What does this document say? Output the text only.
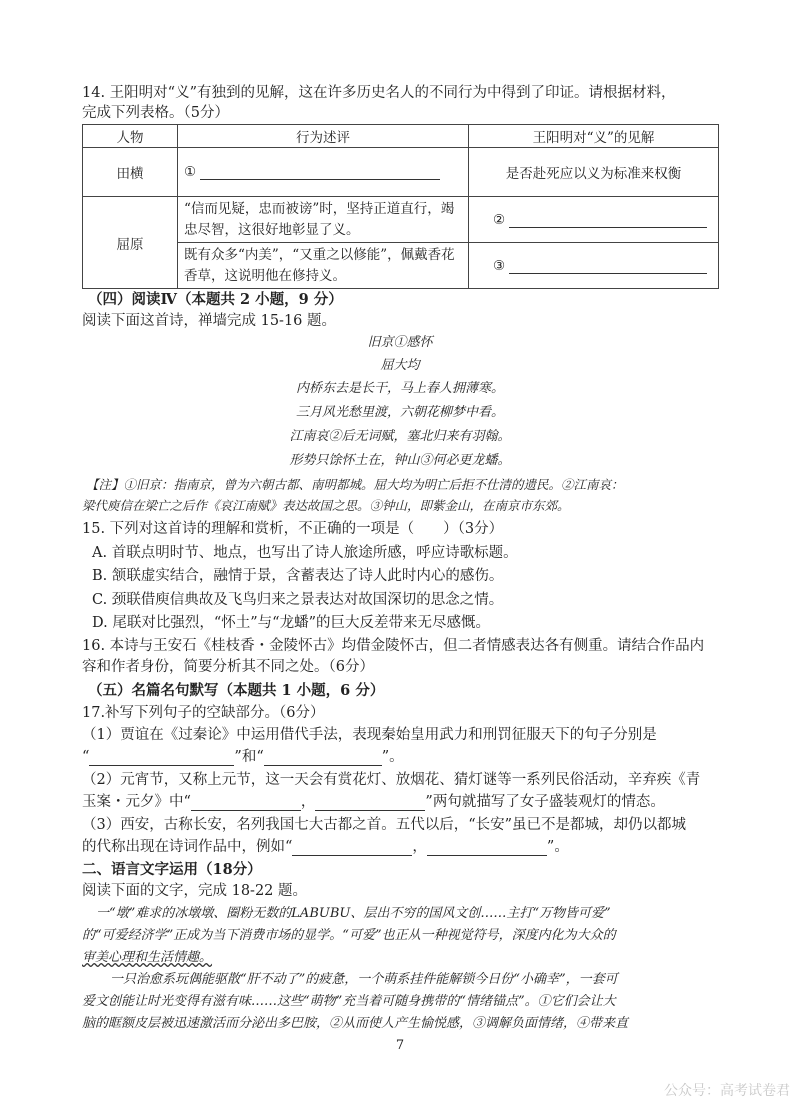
14. 王阳明对“义”有独到的见解，这在许多历史名人的不同行为中得到了印证。请根据材料，
完成下列表格。（5分）
人物	行为述评	王阳明对“义”的见解
田横	①	是否赴死应以义为标准来权衡
屈原	“信而见疑，忠而被谤”时，坚持正道直行，竭忠尽智，这很好地彰显了义。	②
	既有众多“内美”，“又重之以修能”，佩戴香花香草，这说明他在修持义。	③
（四）阅读Ⅳ（本题共 2 小题，9 分）
阅读下面这首诗，禅墙完成 15-16 题。
旧京①感怀
屈大均
内桥东去是长干，马上春人拥薄寒。
三月风光愁里渡，六朝花柳梦中看。
江南哀②后无词赋，塞北归来有羽翰。
形势只馀怀土在，钟山③何必更龙蟠。
【注】①旧京：指南京，曾为六朝古都、南明都城。屈大均为明亡后拒不仕清的遗民。②江南哀：
梁代庾信在梁亡之后作《哀江南赋》表达故国之思。③钟山，即紫金山，在南京市东郊。
15. 下列对这首诗的理解和赏析，不正确的一项是（　　）（3分）
A. 首联点明时节、地点，也写出了诗人旅途所感，呼应诗歌标题。
B. 颔联虚实结合，融情于景，含蓄表达了诗人此时内心的感伤。
C. 颈联借庾信典故及飞鸟归来之景表达对故国深切的思念之情。
D. 尾联对比强烈，“怀土”与“龙蟠”的巨大反差带来无尽感慨。
16. 本诗与王安石《桂枝香・金陵怀古》均借金陵怀古，但二者情感表达各有侧重。请结合作品内
容和作者身份，简要分析其不同之处。（6分）
（五）名篇名句默写（本题共 1 小题，6 分）
17.补写下列句子的空缺部分。（6分）
（1）贾谊在《过秦论》中运用借代手法，表现秦始皇用武力和刑罚征服天下的句子分别是
“	”和“	”。
（2）元宵节，又称上元节，这一天会有赏花灯、放烟花、猜灯谜等一系列民俗活动，辛弃疾《青
玉案・元夕》中“	，	”两句就描写了女子盛装观灯的情态。
（3）西安，古称长安，名列我国七大古都之首。五代以后，“长安”虽已不是都城，却仍以都城
的代称出现在诗词作品中，例如“	，	”。
二、语言文字运用（18分）
阅读下面的文字，完成 18-22 题。
一“墩”难求的冰墩墩、圈粉无数的LABUBU、层出不穷的国风文创……主打“万物皆可爱”
的“可爱经济学”正成为当下消费市场的显学。“可爱”也正从一种视觉符号，深度内化为大众的
审美心理和生活情趣。
一只治愈系玩偶能驱散“肝不动了”的疲惫，一个萌系挂件能解锁今日份“小确幸”，一套可
爱文创能让时光变得有滋有味……这些“萌物”充当着可随身携带的“情绪锚点”。①它们会让大
脑的眶额皮层被迅速激活而分泌出多巴胺，②从而使人产生愉悦感，③调解负面情绪，④带来直
7
公众号：高考试卷君
